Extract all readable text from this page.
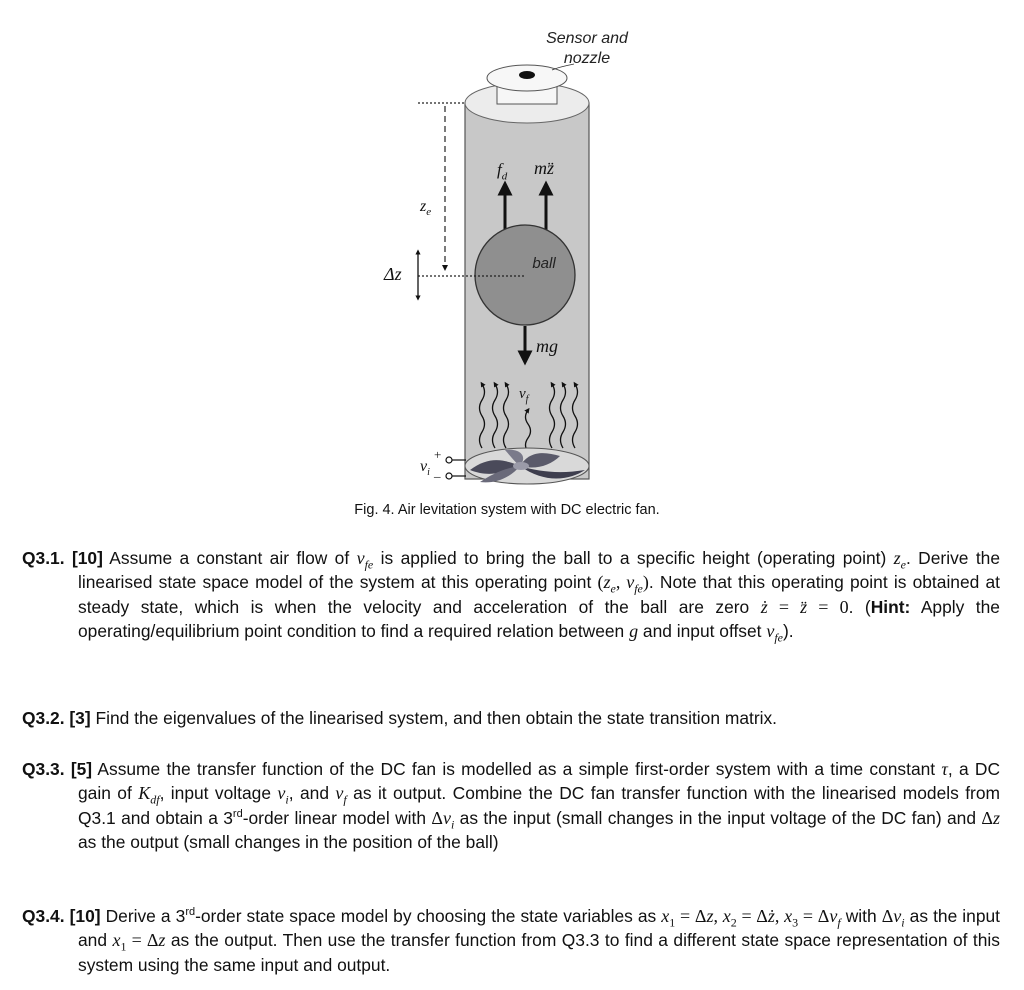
Sensor and
nozzle
$f_d$ mz̈
$z_e$
Δz
ball
mg
$v_f$
$v_i$
+
_
Fig. 4. Air levitation system with DC electric fan.
Q3.1. [10] Assume a constant air flow of $v_{fe}$ is applied to bring the ball to a specific height (operating point) $z_e$. Derive the linearised state space model of the system at this operating point ($z_e$, $v_{fe}$). Note that this operating point is obtained at steady state, which is when the velocity and acceleration of the ball are zero ż = z̈ = 0. (Hint: Apply the operating/equilibrium point condition to find a required relation between g and input offset $v_{fe}$).
Q3.2. [3] Find the eigenvalues of the linearised system, and then obtain the state transition matrix.
Q3.3. [5] Assume the transfer function of the DC fan is modelled as a simple first-order system with a time constant τ, a DC gain of $K_{df}$, input voltage $v_i$, and $v_f$ as it output. Combine the DC fan transfer function with the linearised models from Q3.1 and obtain a 3rd-order linear model with $\Delta v_i$ as the input (small changes in the input voltage of the DC fan) and Δz as the output (small changes in the position of the ball)
Q3.4. [10] Derive a 3rd-order state space model by choosing the state variables as $x_1 = \Delta z$, $x_2$ = Δż, $x_3 = \Delta v_f$ with $\Delta v_i$ as the input and $x_1 = \Delta z$ as the output. Then use the transfer function from Q3.3 to find a different state space representation of this system using the same input and output.
